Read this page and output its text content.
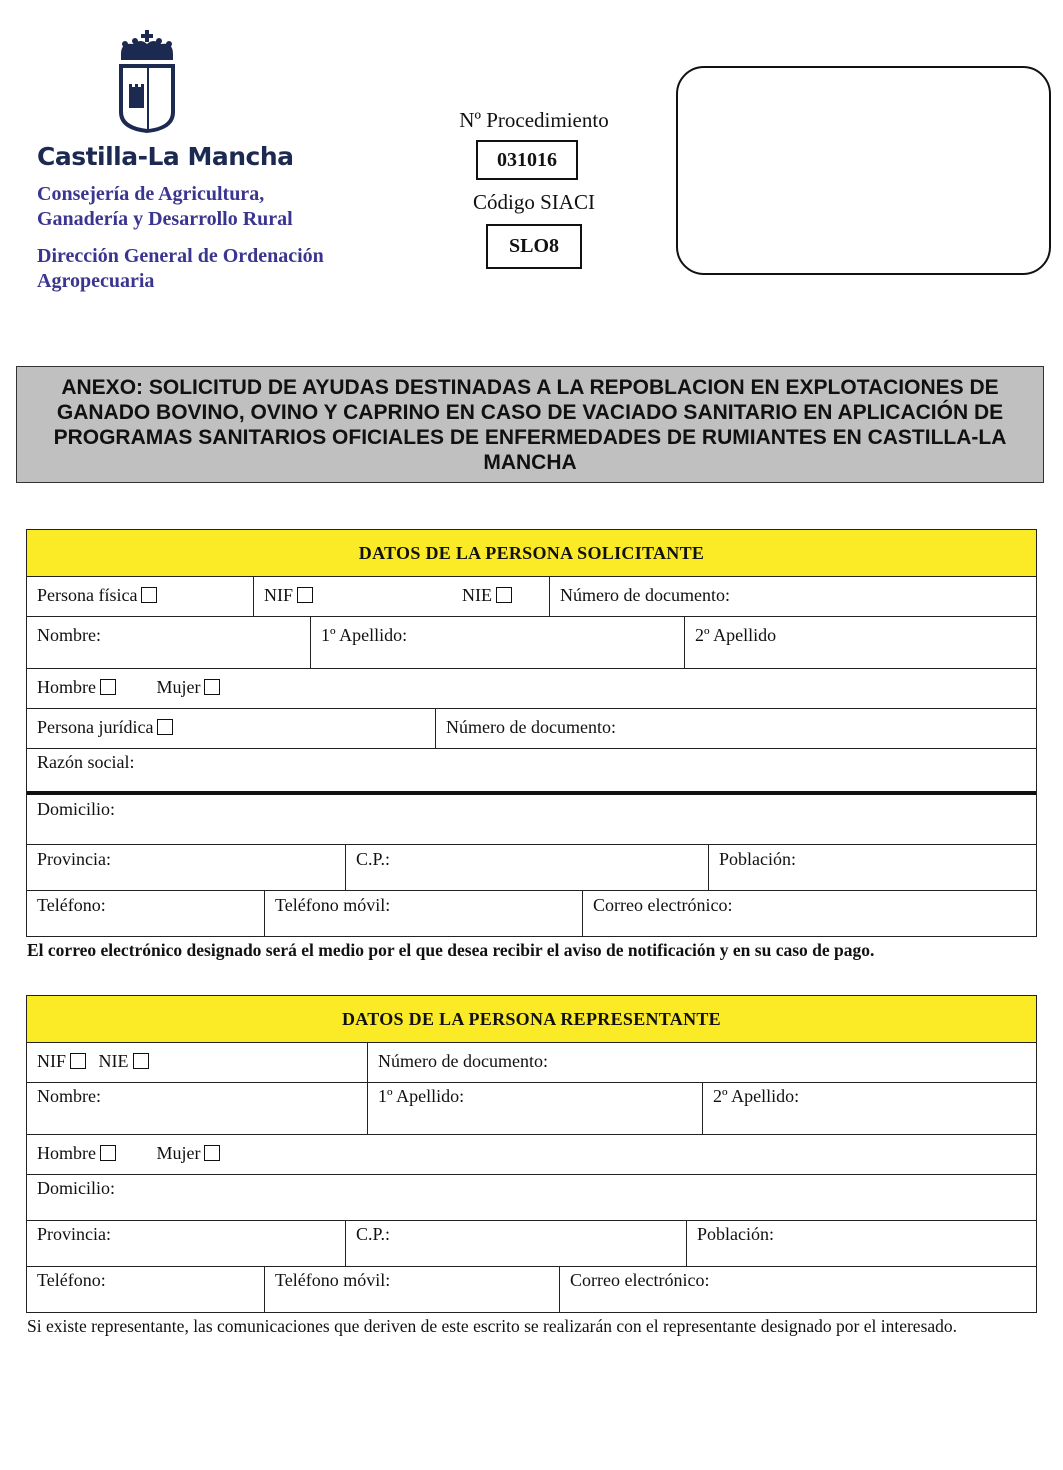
Castilla-La Mancha
Consejería de Agricultura,
Ganadería y Desarrollo Rural
Dirección General de Ordenación
Agropecuaria
Nº Procedimiento
031016
Código SIACI
SLO8
ANEXO: SOLICITUD DE AYUDAS DESTINADAS A LA REPOBLACION EN EXPLOTACIONES DE GANADO BOVINO, OVINO Y CAPRINO EN CASO DE VACIADO SANITARIO EN APLICACIÓN DE PROGRAMAS SANITARIOS OFICIALES DE ENFERMEDADES DE RUMIANTES EN CASTILLA-LA MANCHA
DATOS DE LA PERSONA SOLICITANTE
Persona física	NIF	NIE	Número de documento:
Nombre:	1º Apellido:	2º Apellido
Hombre	Mujer
Persona jurídica	Número de documento:
Razón social:
Domicilio:
Provincia:	C.P.:	Población:
Teléfono:	Teléfono móvil:	Correo electrónico:
El correo electrónico designado será el medio por el que desea recibir el aviso de notificación y en su caso de pago.
DATOS DE LA PERSONA REPRESENTANTE
NIF NIE	Número de documento:
Nombre:	1º Apellido:	2º Apellido:
Hombre	Mujer
Domicilio:
Provincia:	C.P.:	Población:
Teléfono:	Teléfono móvil:	Correo electrónico:
Si existe representante, las comunicaciones que deriven de este escrito se realizarán con el representante designado por el interesado.
